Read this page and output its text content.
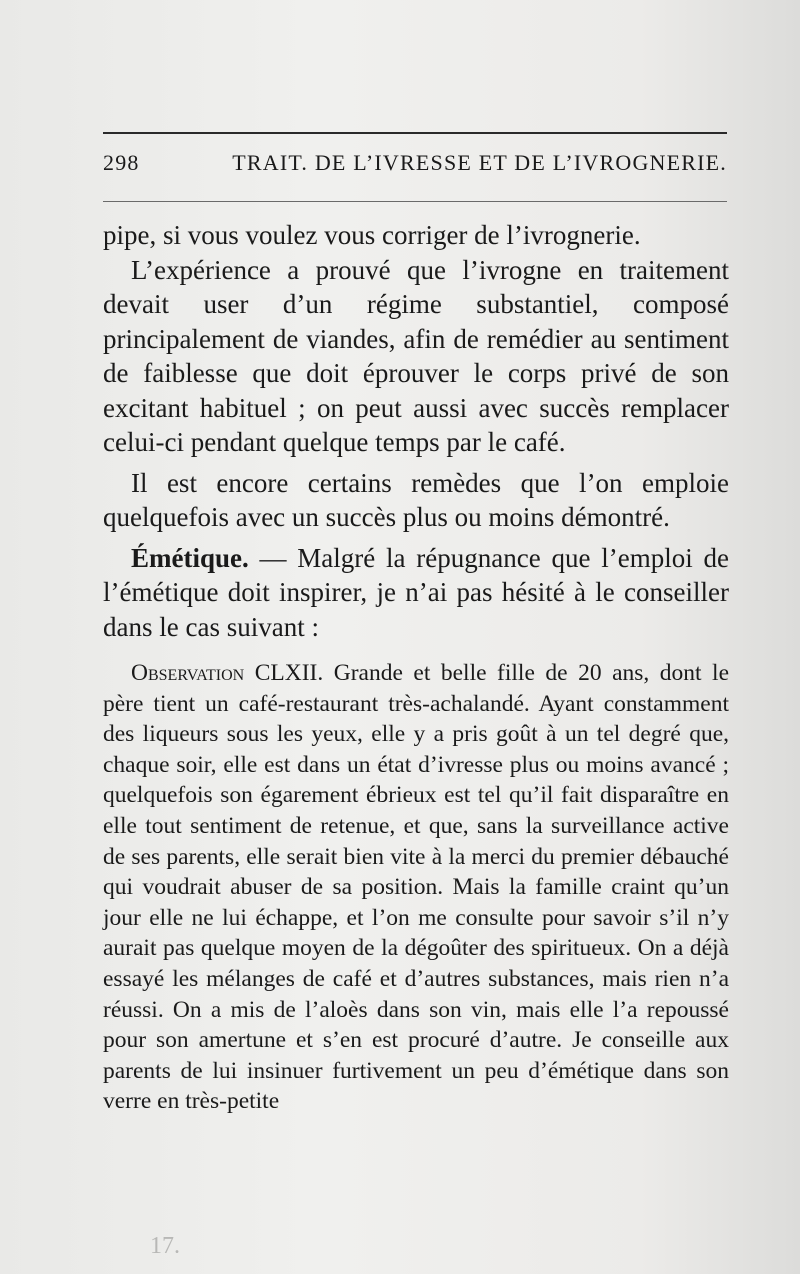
298	TRAIT. DE L’IVRESSE ET DE L’IVROGNERIE.

pipe, si vous voulez vous corriger de l’ivrognerie.

L’expérience a prouvé que l’ivrogne en traitement devait user d’un régime substantiel, composé principalement de viandes, afin de remédier au sentiment de faiblesse que doit éprouver le corps privé de son excitant habituel ; on peut aussi avec succès remplacer celui-ci pendant quelque temps par le café.

Il est encore certains remèdes que l’on emploie quelquefois avec un succès plus ou moins démontré.

Émétique. — Malgré la répugnance que l’emploi de l’émétique doit inspirer, je n’ai pas hésité à le conseiller dans le cas suivant :

Observation CLXII. Grande et belle fille de 20 ans, dont le père tient un café-restaurant très-achalandé. Ayant constamment des liqueurs sous les yeux, elle y a pris goût à un tel degré que, chaque soir, elle est dans un état d’ivresse plus ou moins avancé ; quelquefois son égarement ébrieux est tel qu’il fait disparaître en elle tout sentiment de retenue, et que, sans la surveillance active de ses parents, elle serait bien vite à la merci du premier débauché qui voudrait abuser de sa position. Mais la famille craint qu’un jour elle ne lui échappe, et l’on me consulte pour savoir s’il n’y aurait pas quelque moyen de la dégoûter des spiritueux. On a déjà essayé les mélanges de café et d’autres substances, mais rien n’a réussi. On a mis de l’aloès dans son vin, mais elle l’a repoussé pour son amertune et s’en est procuré d’autre. Je conseille aux parents de lui insinuer furtivement un peu d’émétique dans son verre en très-petite

17.
